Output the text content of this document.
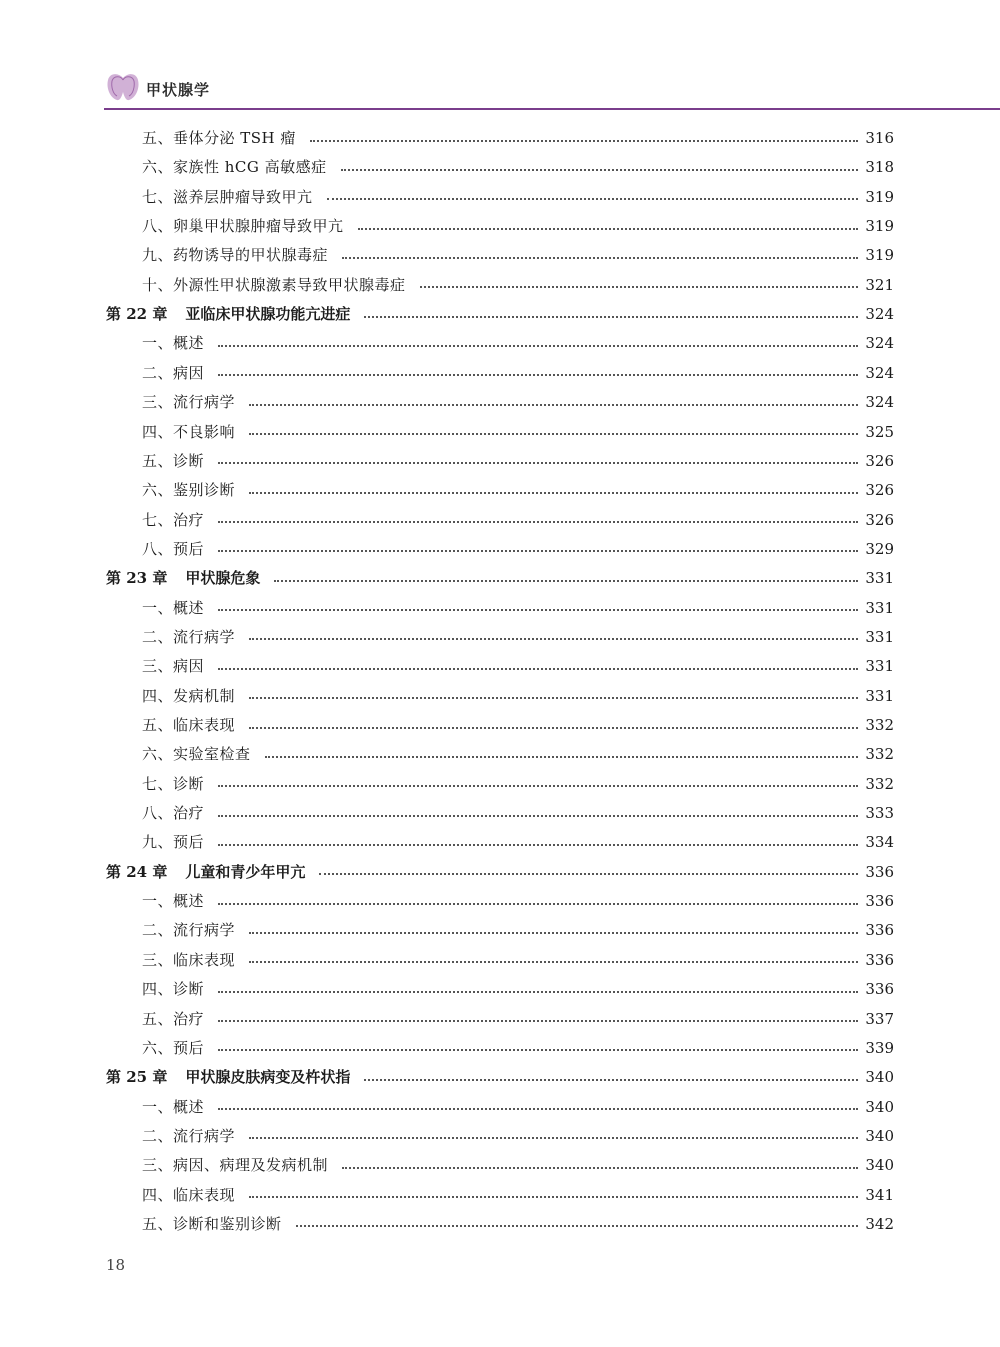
甲状腺学
五、垂体分泌 TSH 瘤	316
六、家族性 hCG 高敏感症	318
七、滋养层肿瘤导致甲亢	319
八、卵巢甲状腺肿瘤导致甲亢	319
九、药物诱导的甲状腺毒症	319
十、外源性甲状腺激素导致甲状腺毒症	321
第 22 章 亚临床甲状腺功能亢进症	324
一、概述	324
二、病因	324
三、流行病学	324
四、不良影响	325
五、诊断	326
六、鉴别诊断	326
七、治疗	326
八、预后	329
第 23 章 甲状腺危象	331
一、概述	331
二、流行病学	331
三、病因	331
四、发病机制	331
五、临床表现	332
六、实验室检查	332
七、诊断	332
八、治疗	333
九、预后	334
第 24 章 儿童和青少年甲亢	336
一、概述	336
二、流行病学	336
三、临床表现	336
四、诊断	336
五、治疗	337
六、预后	339
第 25 章 甲状腺皮肤病变及杵状指	340
一、概述	340
二、流行病学	340
三、病因、病理及发病机制	340
四、临床表现	341
五、诊断和鉴别诊断	342
18
